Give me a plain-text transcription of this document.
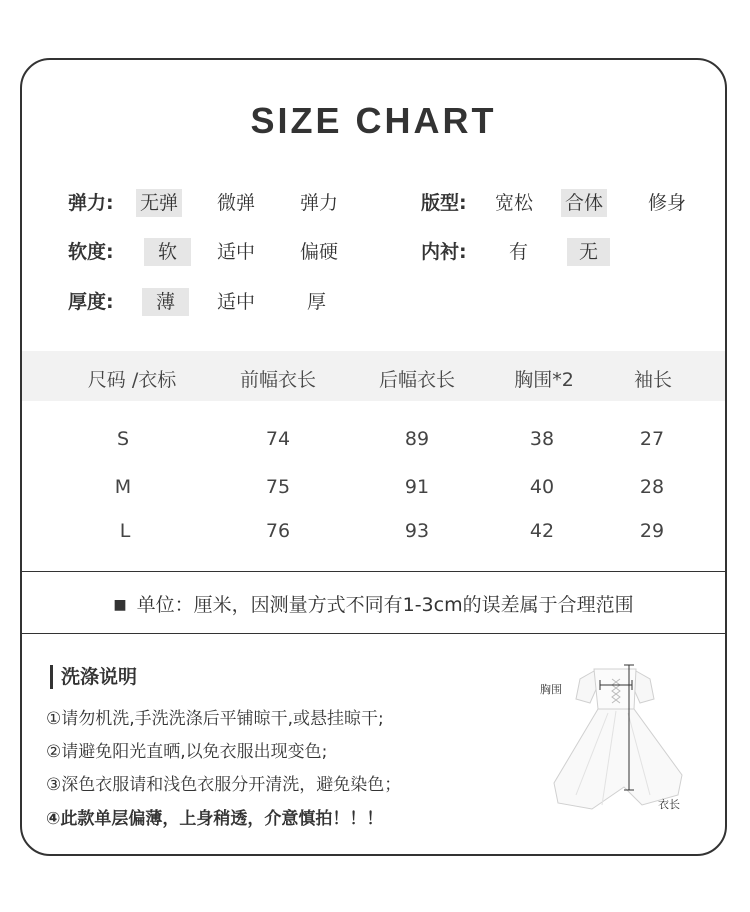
SIZE CHART
弹力: 无弹 微弹 弹力	版型: 宽松 合体 修身
软度:	软	适中 偏硬	内衬: 有	无
厚度:	薄	适中	厚
尺码 /衣标	前幅衣长	后幅衣长	胸围*2	袖长
S	74	89	38	27
M	75	91	40	28
L	76	93	42	29
■ 单位：厘米，因测量方式不同有1-3cm的误差属于合理范围
洗涤说明
①请勿机洗,手洗洗涤后平铺晾干,或悬挂晾干;
②请避免阳光直晒,以免衣服出现变色;
③深色衣服请和浅色衣服分开清洗，避免染色；
④此款单层偏薄，上身稍透，介意慎拍！！！
胸围
衣长
